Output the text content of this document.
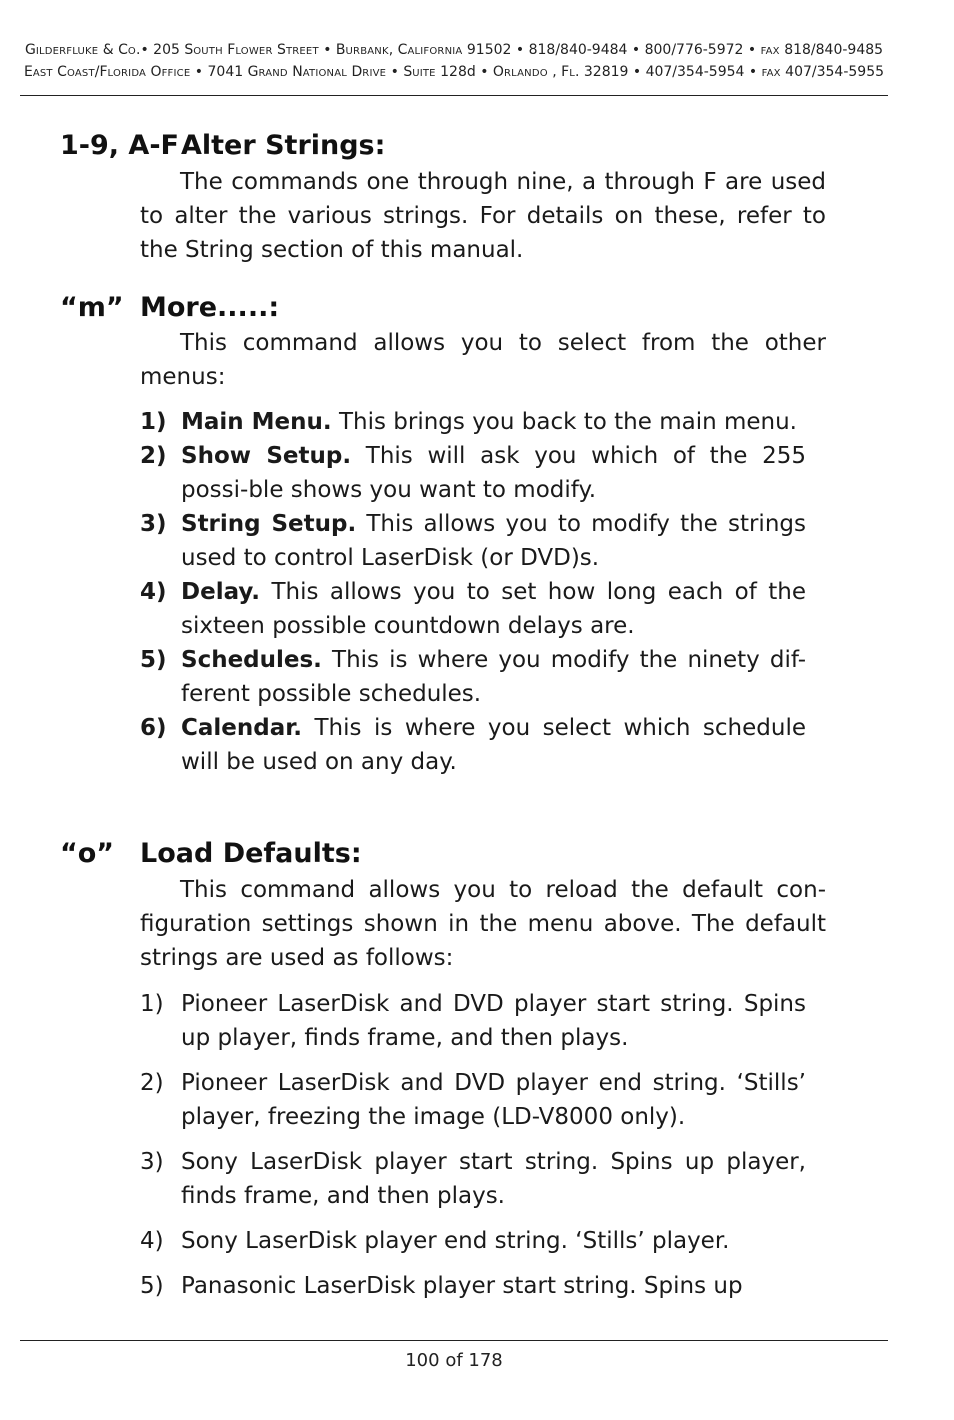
GILDERFLUKE & CO.• 205 SOUTH FLOWER STREET • BURBANK, CALIFORNIA 91502 • 818/840-9484 • 800/776-5972 • FAX 818/840-9485
EAST COAST/FLORIDA OFFICE • 7041 GRAND NATIONAL DRIVE • SUITE 128d • ORLANDO , FL. 32819 • 407/354-5954 • FAX 407/354-5955
1-9, A-F Alter Strings:

The commands one through nine, a through F are used to alter the various strings. For details on these, refer to the String section of this manual.

“m” More.....:

This command allows you to select from the other menus:

1) Main Menu. This brings you back to the main menu.
2) Show Setup. This will ask you which of the 255 possi-ble shows you want to modify.
3) String Setup. This allows you to modify the strings used to control LaserDisk (or DVD)s.
4) Delay. This allows you to set how long each of the sixteen possible countdown delays are.
5) Schedules. This is where you modify the ninety dif-ferent possible schedules.
6) Calendar. This is where you select which schedule will be used on any day.
“o” Load Defaults:

This command allows you to reload the default con-figuration settings shown in the menu above. The default strings are used as follows:

1) Pioneer LaserDisk and DVD player start string. Spins up player, finds frame, and then plays.
2) Pioneer LaserDisk and DVD player end string. ‘Stills’ player, freezing the image (LD-V8000 only).
3) Sony LaserDisk player start string. Spins up player, finds frame, and then plays.
4) Sony LaserDisk player end string. ‘Stills’ player.
5) Panasonic LaserDisk player start string. Spins up
100 of 178
